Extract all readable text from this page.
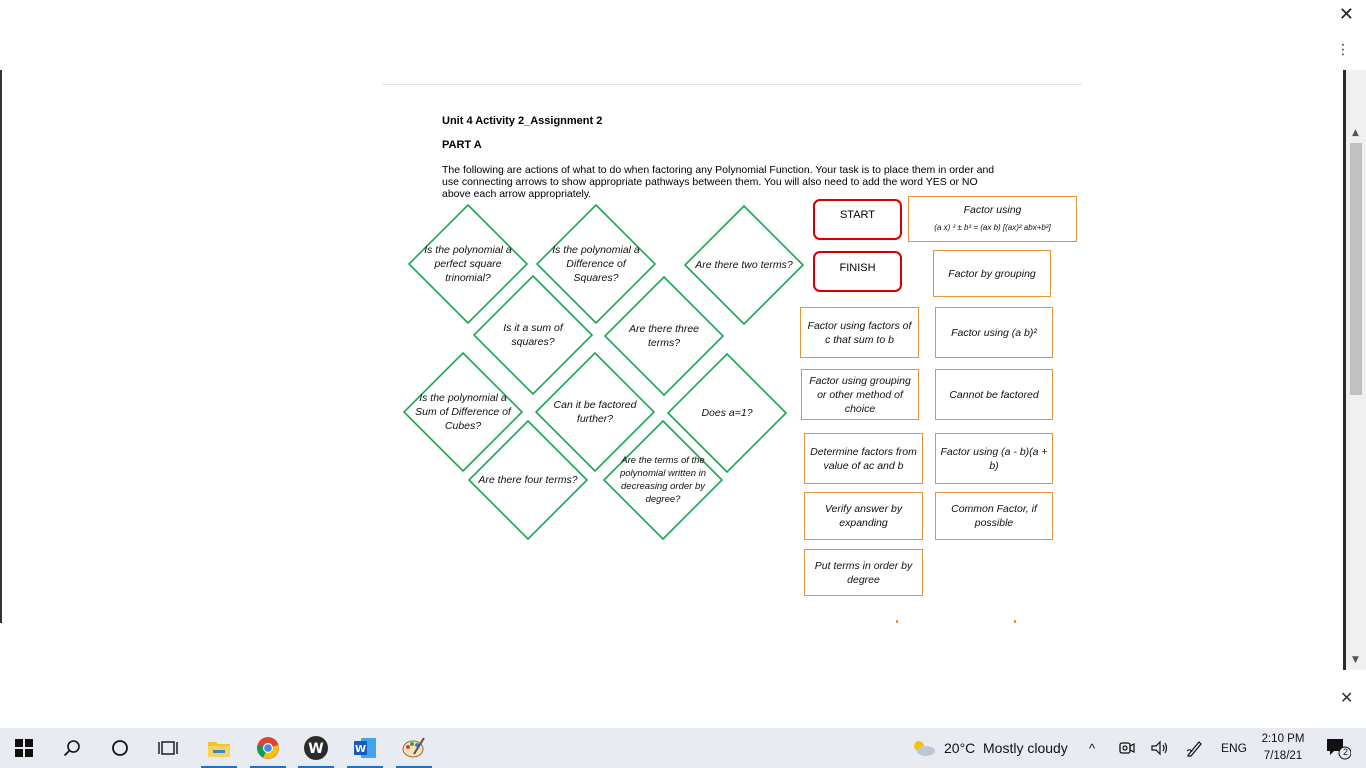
✕
⋮
▲
▼
Unit 4 Activity 2_Assignment 2
PART A
The following are actions of what to do when factoring any Polynomial Function. Your task is to place them in order and
use connecting arrows to show appropriate pathways between them. You will also need to add the word YES or NO
above each arrow appropriately.
Is the polynomial a perfect square trinomial?
Is the polynomial a Difference of Squares?
Are there two terms?
Is it a sum of squares?
Are there three terms?
Is the polynomial a Sum of Difference of Cubes?
Can it be factored further?	Does a=1?
Are there four terms?
Are the terms of the polynomial written in decreasing order by degree?
START
FINISH
Factor using
(a x) ³ ± b³ = (ax b) [(ax)² abx+b²]
Factor by grouping
Factor using factors of c that sum to b
Factor using (a b)²
Factor using grouping or other method of choice
Cannot be factored
Determine factors from value of ac and b
Factor using (a - b)(a + b)
Verify answer by expanding
Common Factor, if possible
Put terms in order by degree
✕
W	W	20°C Mostly cloudy ^	ENG
2:10 PM
7/18/21	2
